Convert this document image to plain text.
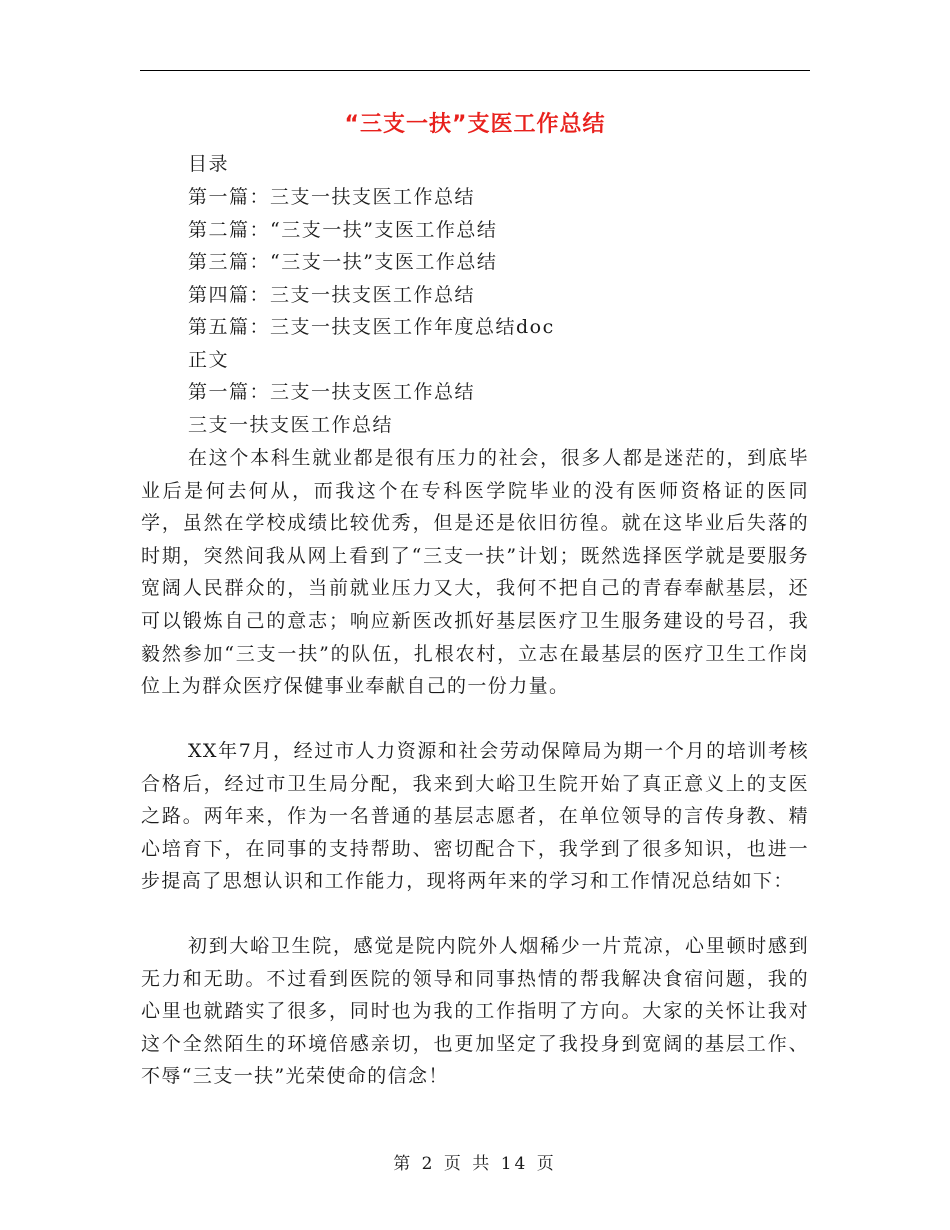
“三支一扶”支医工作总结
目录
第一篇：三支一扶支医工作总结
第二篇：“三支一扶”支医工作总结
第三篇：“三支一扶”支医工作总结
第四篇：三支一扶支医工作总结
第五篇：三支一扶支医工作年度总结doc
正文
第一篇：三支一扶支医工作总结
三支一扶支医工作总结

在这个本科生就业都是很有压力的社会，很多人都是迷茫的，到底毕业后是何去何从，而我这个在专科医学院毕业的没有医师资格证的医同学，虽然在学校成绩比较优秀，但是还是依旧彷徨。就在这毕业后失落的时期，突然间我从网上看到了“三支一扶”计划；既然选择医学就是要服务宽阔人民群众的，当前就业压力又大，我何不把自己的青春奉献基层，还可以锻炼自己的意志；响应新医改抓好基层医疗卫生服务建设的号召，我毅然参加“三支一扶”的队伍，扎根农村，立志在最基层的医疗卫生工作岗位上为群众医疗保健事业奉献自己的一份力量。

XX年7月，经过市人力资源和社会劳动保障局为期一个月的培训考核合格后，经过市卫生局分配，我来到大峪卫生院开始了真正意义上的支医之路。两年来，作为一名普通的基层志愿者，在单位领导的言传身教、精心培育下，在同事的支持帮助、密切配合下，我学到了很多知识，也进一步提高了思想认识和工作能力，现将两年来的学习和工作情况总结如下：

初到大峪卫生院，感觉是院内院外人烟稀少一片荒凉，心里顿时感到无力和无助。不过看到医院的领导和同事热情的帮我解决食宿问题，我的心里也就踏实了很多，同时也为我的工作指明了方向。大家的关怀让我对这个全然陌生的环境倍感亲切，也更加坚定了我投身到宽阔的基层工作、不辱“三支一扶”光荣使命的信念！

第 2 页 共 14 页
